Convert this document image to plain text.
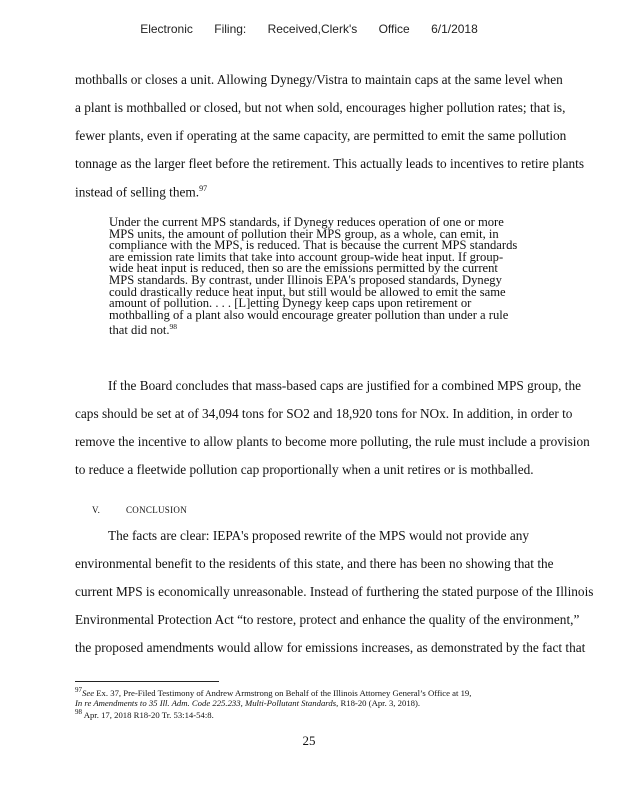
Electronic Filing: Received,Clerk's Office 6/1/2018
mothballs or closes a unit. Allowing Dynegy/Vistra to maintain caps at the same level when
a plant is mothballed or closed, but not when sold, encourages higher pollution rates; that is,
fewer plants, even if operating at the same capacity, are permitted to emit the same pollution
tonnage as the larger fleet before the retirement. This actually leads to incentives to retire plants
instead of selling them.$^{97}$
Under the current MPS standards, if Dynegy reduces operation of one or more
MPS units, the amount of pollution their MPS group, as a whole, can emit, in
compliance with the MPS, is reduced. That is because the current MPS standards
are emission rate limits that take into account group-wide heat input. If group-
wide heat input is reduced, then so are the emissions permitted by the current
MPS standards. By contrast, under Illinois EPA's proposed standards, Dynegy
could drastically reduce heat input, but still would be allowed to emit the same
amount of pollution. . . . [L]etting Dynegy keep caps upon retirement or
mothballing of a plant also would encourage greater pollution than under a rule
that did not.$^{98}$
If the Board concludes that mass-based caps are justified for a combined MPS group, the
caps should be set at of 34,094 tons for SO2 and 18,920 tons for NOx. In addition, in order to
remove the incentive to allow plants to become more polluting, the rule must include a provision
to reduce a fleetwide pollution cap proportionally when a unit retires or is mothballed.
V.	CONCLUSION
The facts are clear: IEPA's proposed rewrite of the MPS would not provide any
environmental benefit to the residents of this state, and there has been no showing that the
current MPS is economically unreasonable. Instead of furthering the stated purpose of the Illinois
Environmental Protection Act “to restore, protect and enhance the quality of the environment,”
the proposed amendments would allow for emissions increases, as demonstrated by the fact that
$^{97}$See Ex. 37, Pre-Filed Testimony of Andrew Armstrong on Behalf of the Illinois Attorney General’s Office at 19,
In re Amendments to 35 Ill. Adm. Code 225.233, Multi-Pollutant Standards, R18-20 (Apr. 3, 2018).
$^{98}$ Apr. 17, 2018 R18-20 Tr. 53:14-54:8.
25
